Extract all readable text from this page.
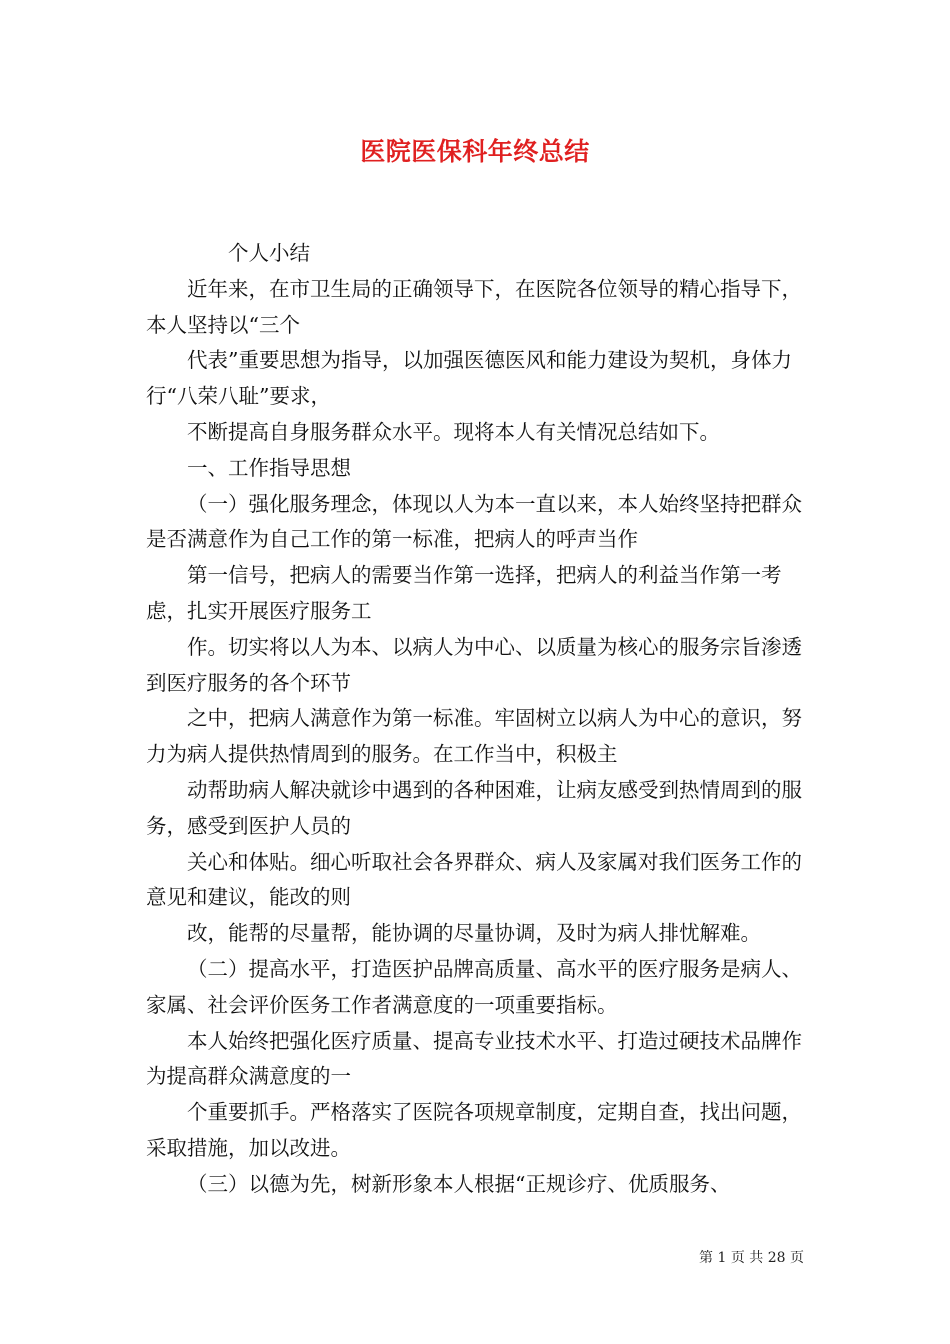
医院医保科年终总结

个人小结

近年来，在市卫生局的正确领导下，在医院各位领导的精心指导下，本人坚持以“三个

代表”重要思想为指导，以加强医德医风和能力建设为契机，身体力行“八荣八耻”要求，

不断提高自身服务群众水平。现将本人有关情况总结如下。

一、工作指导思想

（一）强化服务理念，体现以人为本一直以来，本人始终坚持把群众是否满意作为自己工作的第一标准，把病人的呼声当作

第一信号，把病人的需要当作第一选择，把病人的利益当作第一考虑，扎实开展医疗服务工

作。切实将以人为本、以病人为中心、以质量为核心的服务宗旨渗透到医疗服务的各个环节

之中，把病人满意作为第一标准。牢固树立以病人为中心的意识，努力为病人提供热情周到的服务。在工作当中，积极主

动帮助病人解决就诊中遇到的各种困难，让病友感受到热情周到的服务，感受到医护人员的

关心和体贴。细心听取社会各界群众、病人及家属对我们医务工作的意见和建议，能改的则

改，能帮的尽量帮，能协调的尽量协调，及时为病人排忧解难。

（二）提高水平，打造医护品牌高质量、高水平的医疗服务是病人、家属、社会评价医务工作者满意度的一项重要指标。

本人始终把强化医疗质量、提高专业技术水平、打造过硬技术品牌作为提高群众满意度的一

个重要抓手。严格落实了医院各项规章制度，定期自查，找出问题，采取措施，加以改进。

（三）以德为先，树新形象本人根据“正规诊疗、优质服务、

第 1 页 共 28 页
